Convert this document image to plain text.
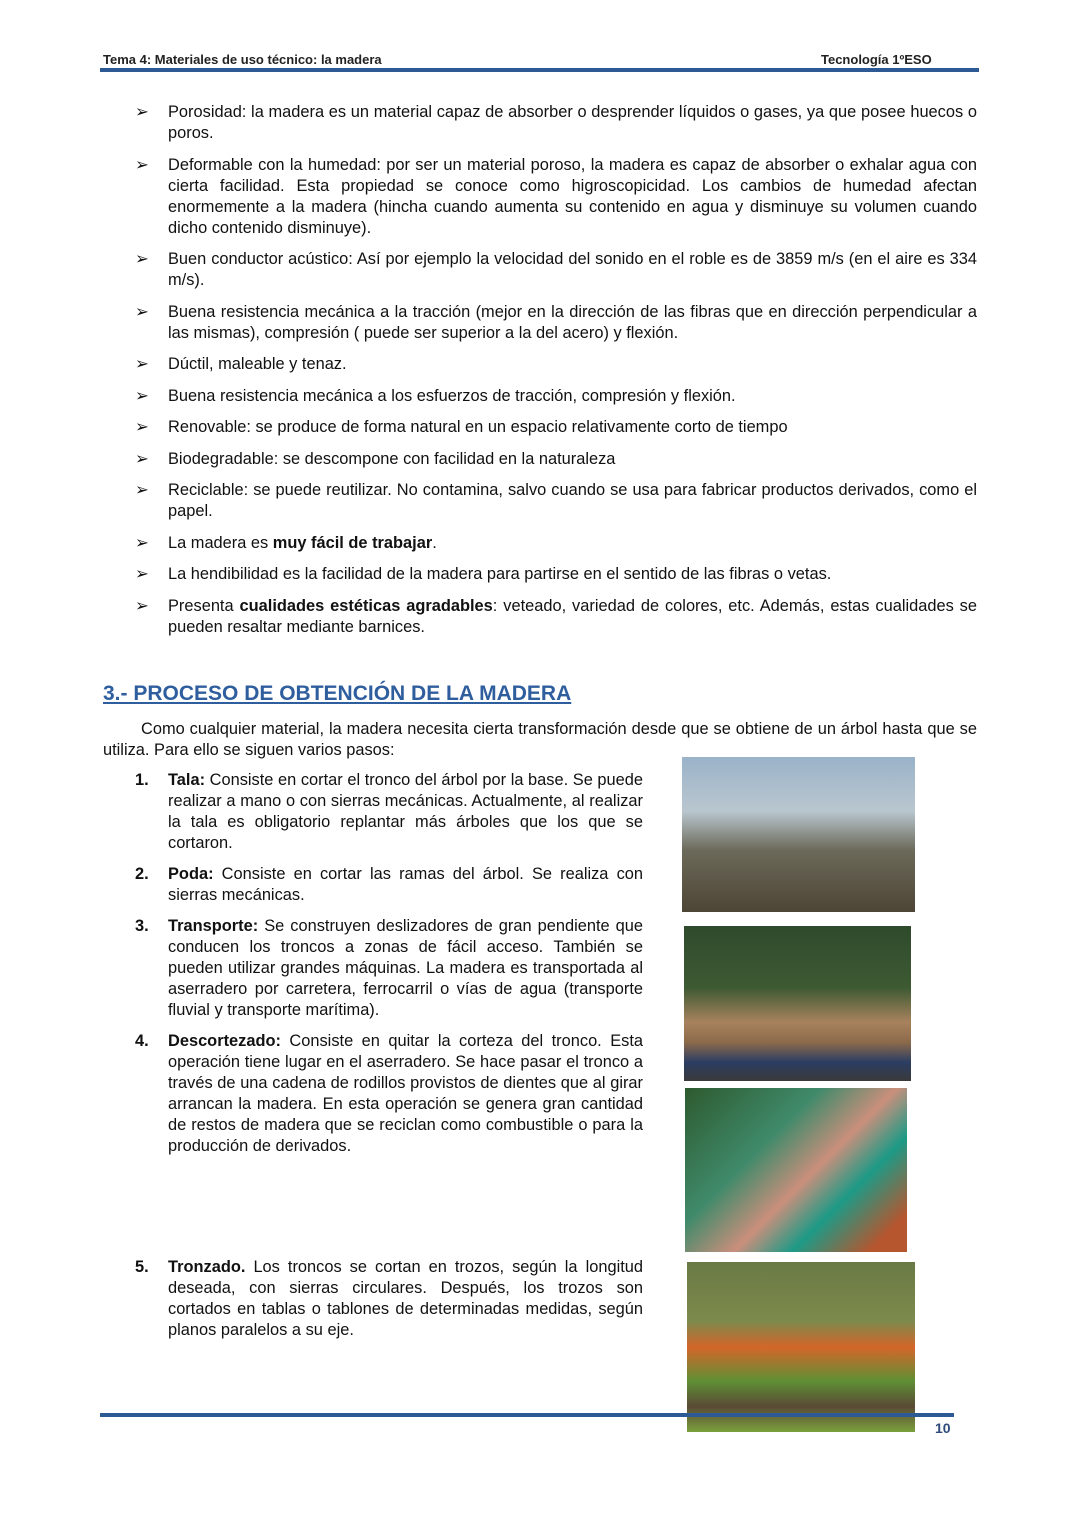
Tema 4: Materiales de uso técnico: la madera	Tecnología 1ºESO
➢ Porosidad: la madera es un material capaz de absorber o desprender líquidos o gases, ya que posee huecos o poros.
➢ Deformable con la humedad: por ser un material poroso, la madera es capaz de absorber o exhalar agua con cierta facilidad. Esta propiedad se conoce como higroscopicidad. Los cambios de humedad afectan enormemente a la madera (hincha cuando aumenta su contenido en agua y disminuye su volumen cuando dicho contenido disminuye).
➢ Buen conductor acústico: Así por ejemplo la velocidad del sonido en el roble es de 3859 m/s (en el aire es 334 m/s).
➢ Buena resistencia mecánica a la tracción (mejor en la dirección de las fibras que en dirección perpendicular a las mismas), compresión ( puede ser superior a la del acero) y flexión.
➢ Dúctil, maleable y tenaz.
➢ Buena resistencia mecánica a los esfuerzos de tracción, compresión y flexión.
➢ Renovable: se produce de forma natural en un espacio relativamente corto de tiempo
➢ Biodegradable: se descompone con facilidad en la naturaleza
➢ Reciclable: se puede reutilizar. No contamina, salvo cuando se usa para fabricar productos derivados, como el papel.
➢ La madera es muy fácil de trabajar.
➢ La hendibilidad es la facilidad de la madera para partirse en el sentido de las fibras o vetas.
➢ Presenta cualidades estéticas agradables: veteado, variedad de colores, etc. Además, estas cualidades se pueden resaltar mediante barnices.
3.- PROCESO DE OBTENCIÓN DE LA MADERA

Como cualquier material, la madera necesita cierta transformación desde que se obtiene de un árbol hasta que se utiliza. Para ello se siguen varios pasos:

1. Tala: Consiste en cortar el tronco del árbol por la base. Se puede realizar a mano o con sierras mecánicas. Actualmente, al realizar la tala es obligatorio replantar más árboles que los que se cortaron.
2. Poda: Consiste en cortar las ramas del árbol. Se realiza con sierras mecánicas.
3. Transporte: Se construyen deslizadores de gran pendiente que conducen los troncos a zonas de fácil acceso. También se pueden utilizar grandes máquinas. La madera es transportada al aserradero por carretera, ferrocarril o vías de agua (transporte fluvial y transporte marítima).
4. Descortezado: Consiste en quitar la corteza del tronco. Esta operación tiene lugar en el aserradero. Se hace pasar el tronco a través de una cadena de rodillos provistos de dientes que al girar arrancan la madera. En esta operación se genera gran cantidad de restos de madera que se reciclan como combustible o para la producción de derivados.
5. Tronzado. Los troncos se cortan en trozos, según la longitud deseada, con sierras circulares. Después, los trozos son cortados en tablas o tablones de determinadas medidas, según planos paralelos a su eje.
10
